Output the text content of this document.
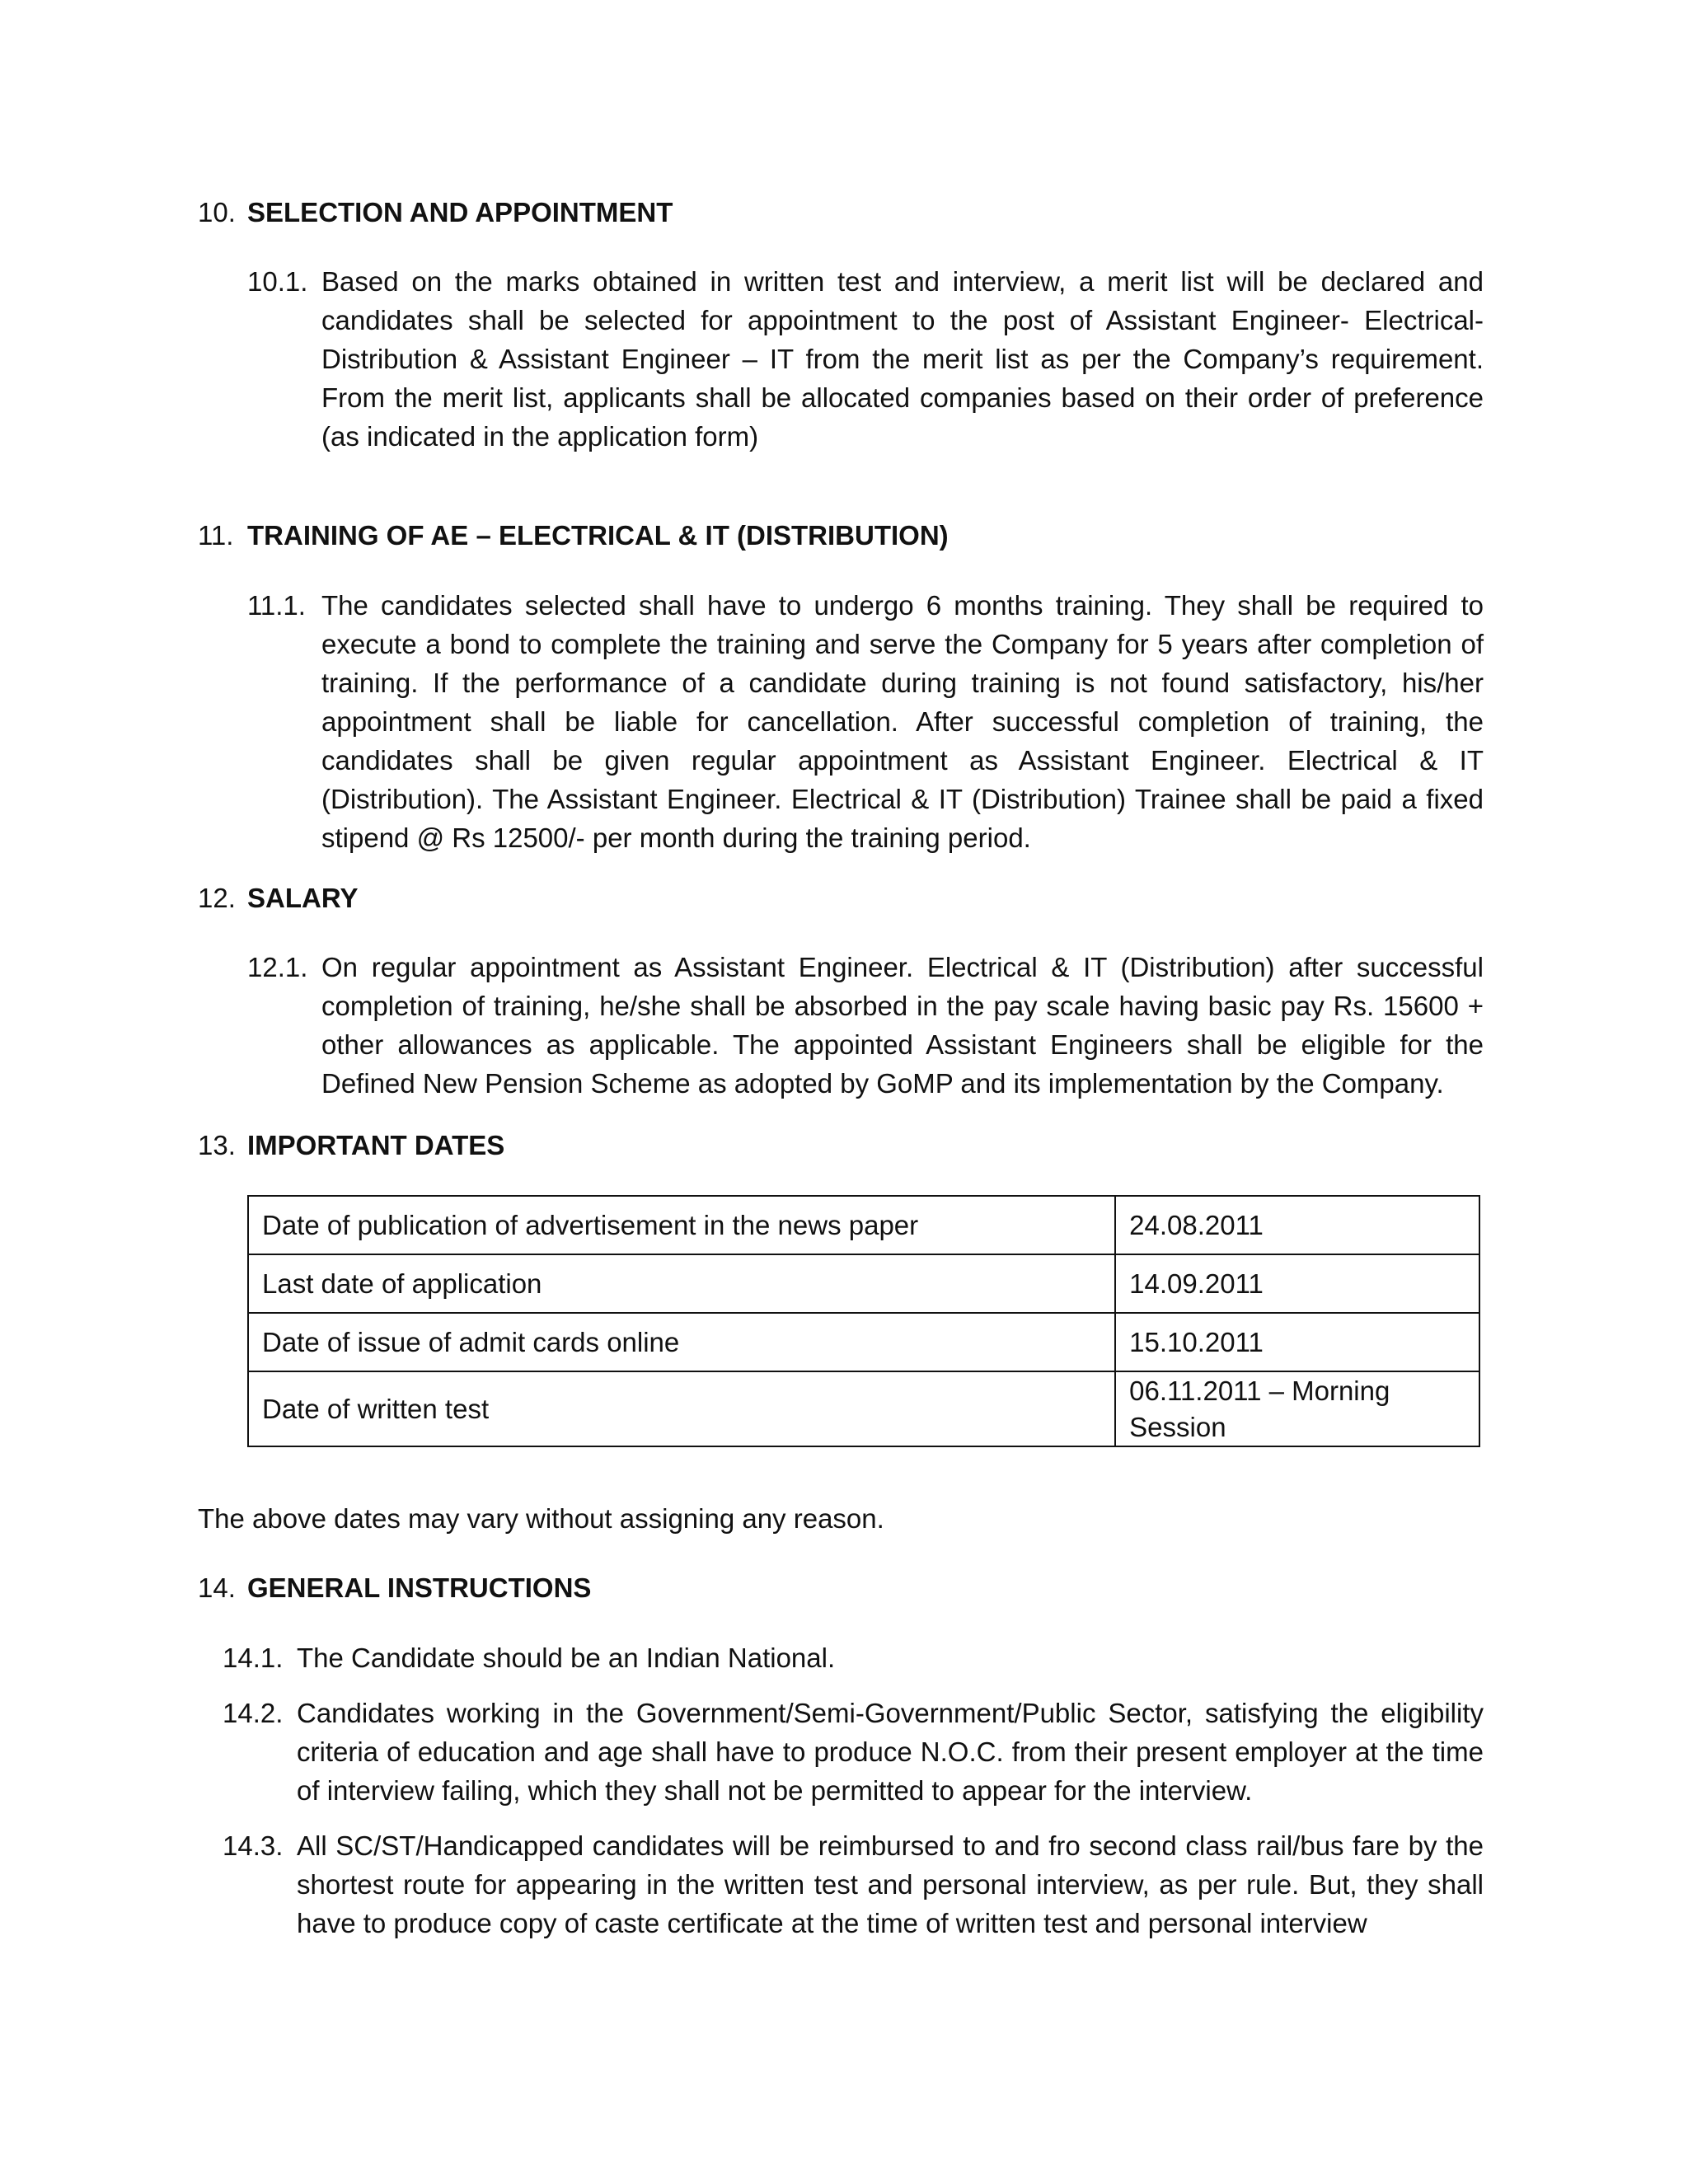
10. SELECTION AND APPOINTMENT
10.1. Based on the marks obtained in written test and interview, a merit list will be declared and candidates shall be selected for appointment to the post of Assistant Engineer- Electrical-Distribution & Assistant Engineer – IT from the merit list as per the Company’s requirement. From the merit list, applicants shall be allocated companies based on their order of preference (as indicated in the application form)
11. TRAINING OF AE – ELECTRICAL & IT (DISTRIBUTION)
11.1. The candidates selected shall have to undergo 6 months training. They shall be required to execute a bond to complete the training and serve the Company for 5 years after completion of training. If the performance of a candidate during training is not found satisfactory, his/her appointment shall be liable for cancellation. After successful completion of training, the candidates shall be given regular appointment as Assistant Engineer. Electrical & IT (Distribution). The Assistant Engineer. Electrical & IT (Distribution) Trainee shall be paid a fixed stipend @ Rs 12500/- per month during the training period.
12. SALARY
12.1. On regular appointment as Assistant Engineer. Electrical & IT (Distribution) after successful completion of training, he/she shall be absorbed in the pay scale having basic pay Rs. 15600 + other allowances as applicable. The appointed Assistant Engineers shall be eligible for the Defined New Pension Scheme as adopted by GoMP and its implementation by the Company.
13. IMPORTANT DATES
Date of publication of advertisement in the news paper	24.08.2011
Last date of application	14.09.2011
Date of issue of admit cards online	15.10.2011
Date of written test	06.11.2011 – Morning Session
The above dates may vary without assigning any reason.
14. GENERAL INSTRUCTIONS
14.1. The Candidate should be an Indian National.
14.2. Candidates working in the Government/Semi-Government/Public Sector, satisfying the eligibility criteria of education and age shall have to produce N.O.C. from their present employer at the time of interview failing, which they shall not be permitted to appear for the interview.
14.3. All SC/ST/Handicapped candidates will be reimbursed to and fro second class rail/bus fare by the shortest route for appearing in the written test and personal interview, as per rule. But, they shall have to produce copy of caste certificate at the time of written test and personal interview
